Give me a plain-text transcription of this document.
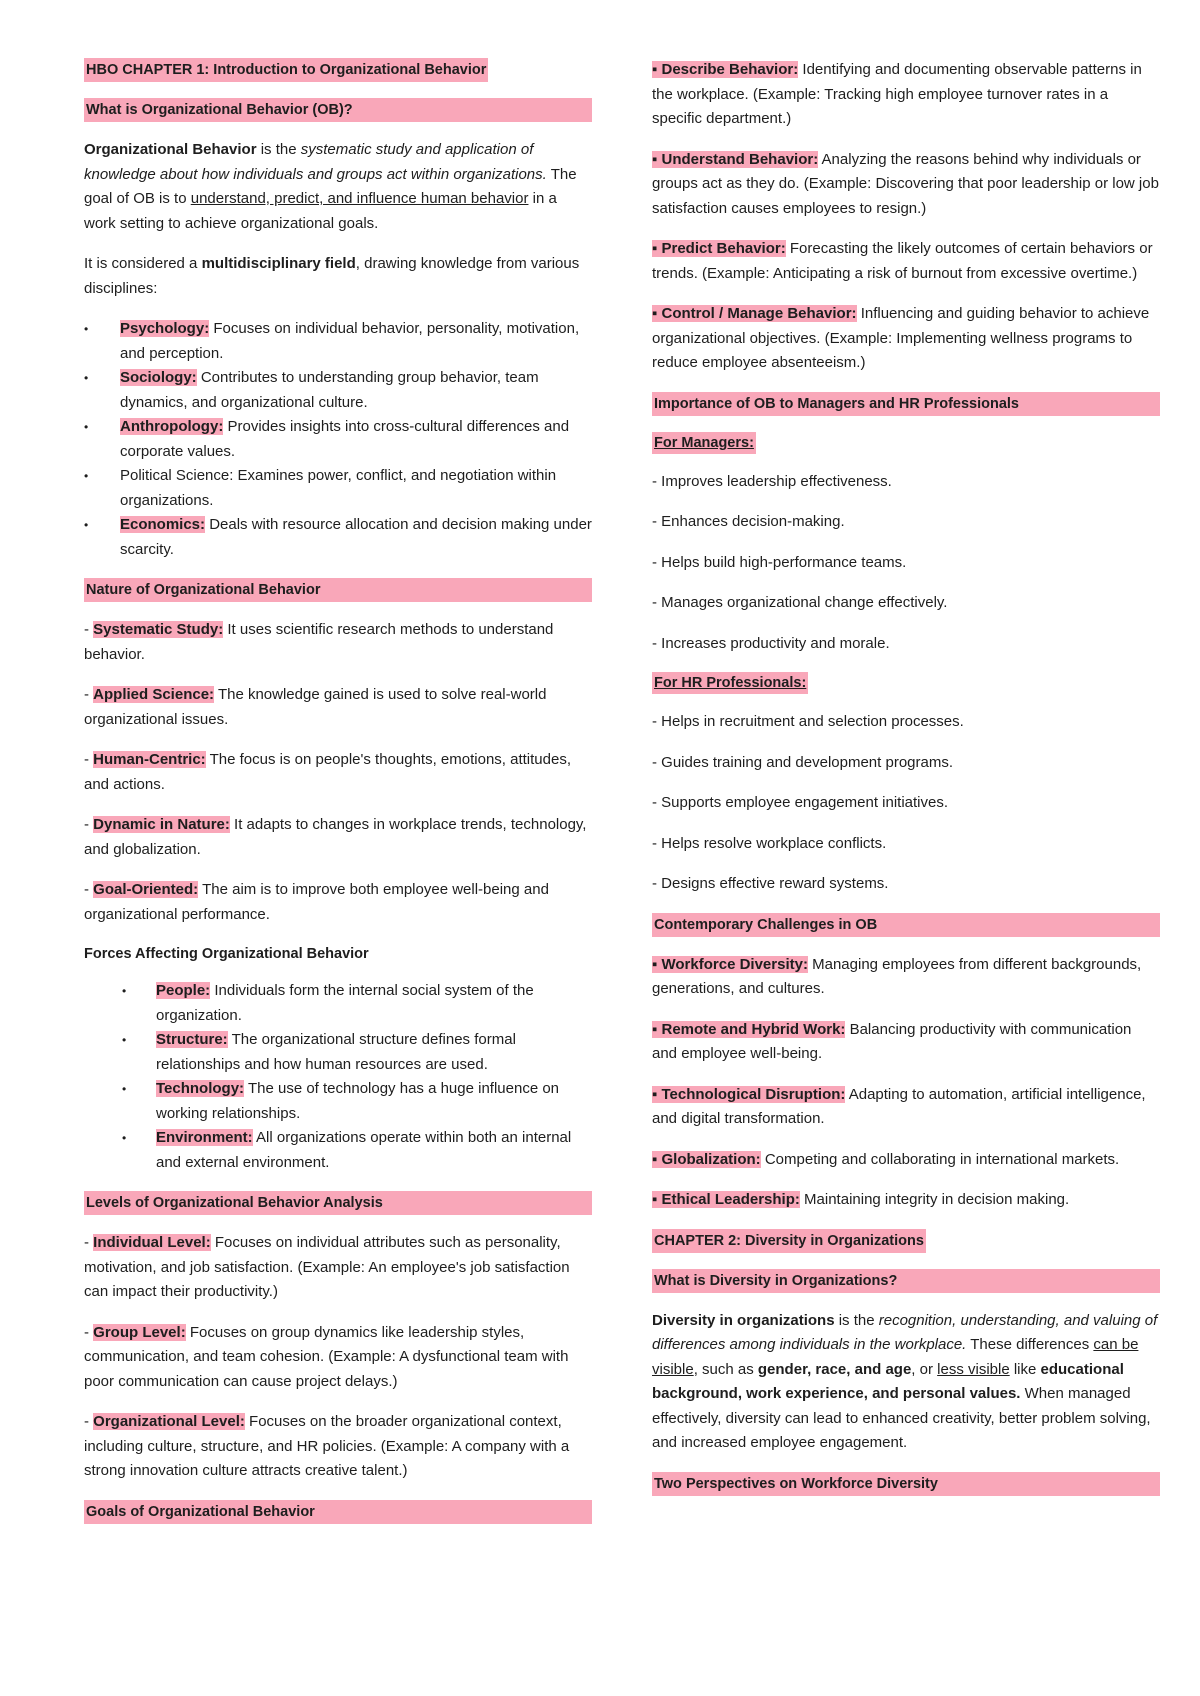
HBO CHAPTER 1: Introduction to Organizational Behavior
What is Organizational Behavior (OB)?

Organizational Behavior is the systematic study and application of knowledge about how individuals and groups act within organizations. The goal of OB is to understand, predict, and influence human behavior in a work setting to achieve organizational goals.

It is considered a multidisciplinary field, drawing knowledge from various disciplines:

• Psychology: Focuses on individual behavior, personality, motivation, and perception.
• Sociology: Contributes to understanding group behavior, team dynamics, and organizational culture.
• Anthropology: Provides insights into cross-cultural differences and corporate values.
• Political Science: Examines power, conflict, and negotiation within organizations.
• Economics: Deals with resource allocation and decision making under scarcity.
Nature of Organizational Behavior

- Systematic Study: It uses scientific research methods to understand behavior.

- Applied Science: The knowledge gained is used to solve real-world organizational issues.

- Human-Centric: The focus is on people's thoughts, emotions, attitudes, and actions.

- Dynamic in Nature: It adapts to changes in workplace trends, technology, and globalization.

- Goal-Oriented: The aim is to improve both employee well-being and organizational performance.

Forces Affecting Organizational Behavior
• People: Individuals form the internal social system of the organization.
• Structure: The organizational structure defines formal relationships and how human resources are used.
• Technology: The use of technology has a huge influence on working relationships.
• Environment: All organizations operate within both an internal and external environment.
Levels of Organizational Behavior Analysis

- Individual Level: Focuses on individual attributes such as personality, motivation, and job satisfaction. (Example: An employee's job satisfaction can impact their productivity.)

- Group Level: Focuses on group dynamics like leadership styles, communication, and team cohesion. (Example: A dysfunctional team with poor communication can cause project delays.)

- Organizational Level: Focuses on the broader organizational context, including culture, structure, and HR policies. (Example: A company with a strong innovation culture attracts creative talent.)

Goals of Organizational Behavior

▪ Describe Behavior: Identifying and documenting observable patterns in the workplace. (Example: Tracking high employee turnover rates in a specific department.)

▪ Understand Behavior: Analyzing the reasons behind why individuals or groups act as they do. (Example: Discovering that poor leadership or low job satisfaction causes employees to resign.)

▪ Predict Behavior: Forecasting the likely outcomes of certain behaviors or trends. (Example: Anticipating a risk of burnout from excessive overtime.)

▪ Control / Manage Behavior: Influencing and guiding behavior to achieve organizational objectives. (Example: Implementing wellness programs to reduce employee absenteeism.)

Importance of OB to Managers and HR Professionals
For Managers:

- Improves leadership effectiveness.

- Enhances decision-making.

- Helps build high-performance teams.

- Manages organizational change effectively.

- Increases productivity and morale.

For HR Professionals:

- Helps in recruitment and selection processes.

- Guides training and development programs.

- Supports employee engagement initiatives.

- Helps resolve workplace conflicts.

- Designs effective reward systems.

Contemporary Challenges in OB

▪ Workforce Diversity: Managing employees from different backgrounds, generations, and cultures.

▪ Remote and Hybrid Work: Balancing productivity with communication and employee well-being.

▪ Technological Disruption: Adapting to automation, artificial intelligence, and digital transformation.

▪ Globalization: Competing and collaborating in international markets.

▪ Ethical Leadership: Maintaining integrity in decision making.

CHAPTER 2: Diversity in Organizations
What is Diversity in Organizations?

Diversity in organizations is the recognition, understanding, and valuing of differences among individuals in the workplace. These differences can be visible, such as gender, race, and age, or less visible like educational background, work experience, and personal values. When managed effectively, diversity can lead to enhanced creativity, better problem solving, and increased employee engagement.

Two Perspectives on Workforce Diversity
